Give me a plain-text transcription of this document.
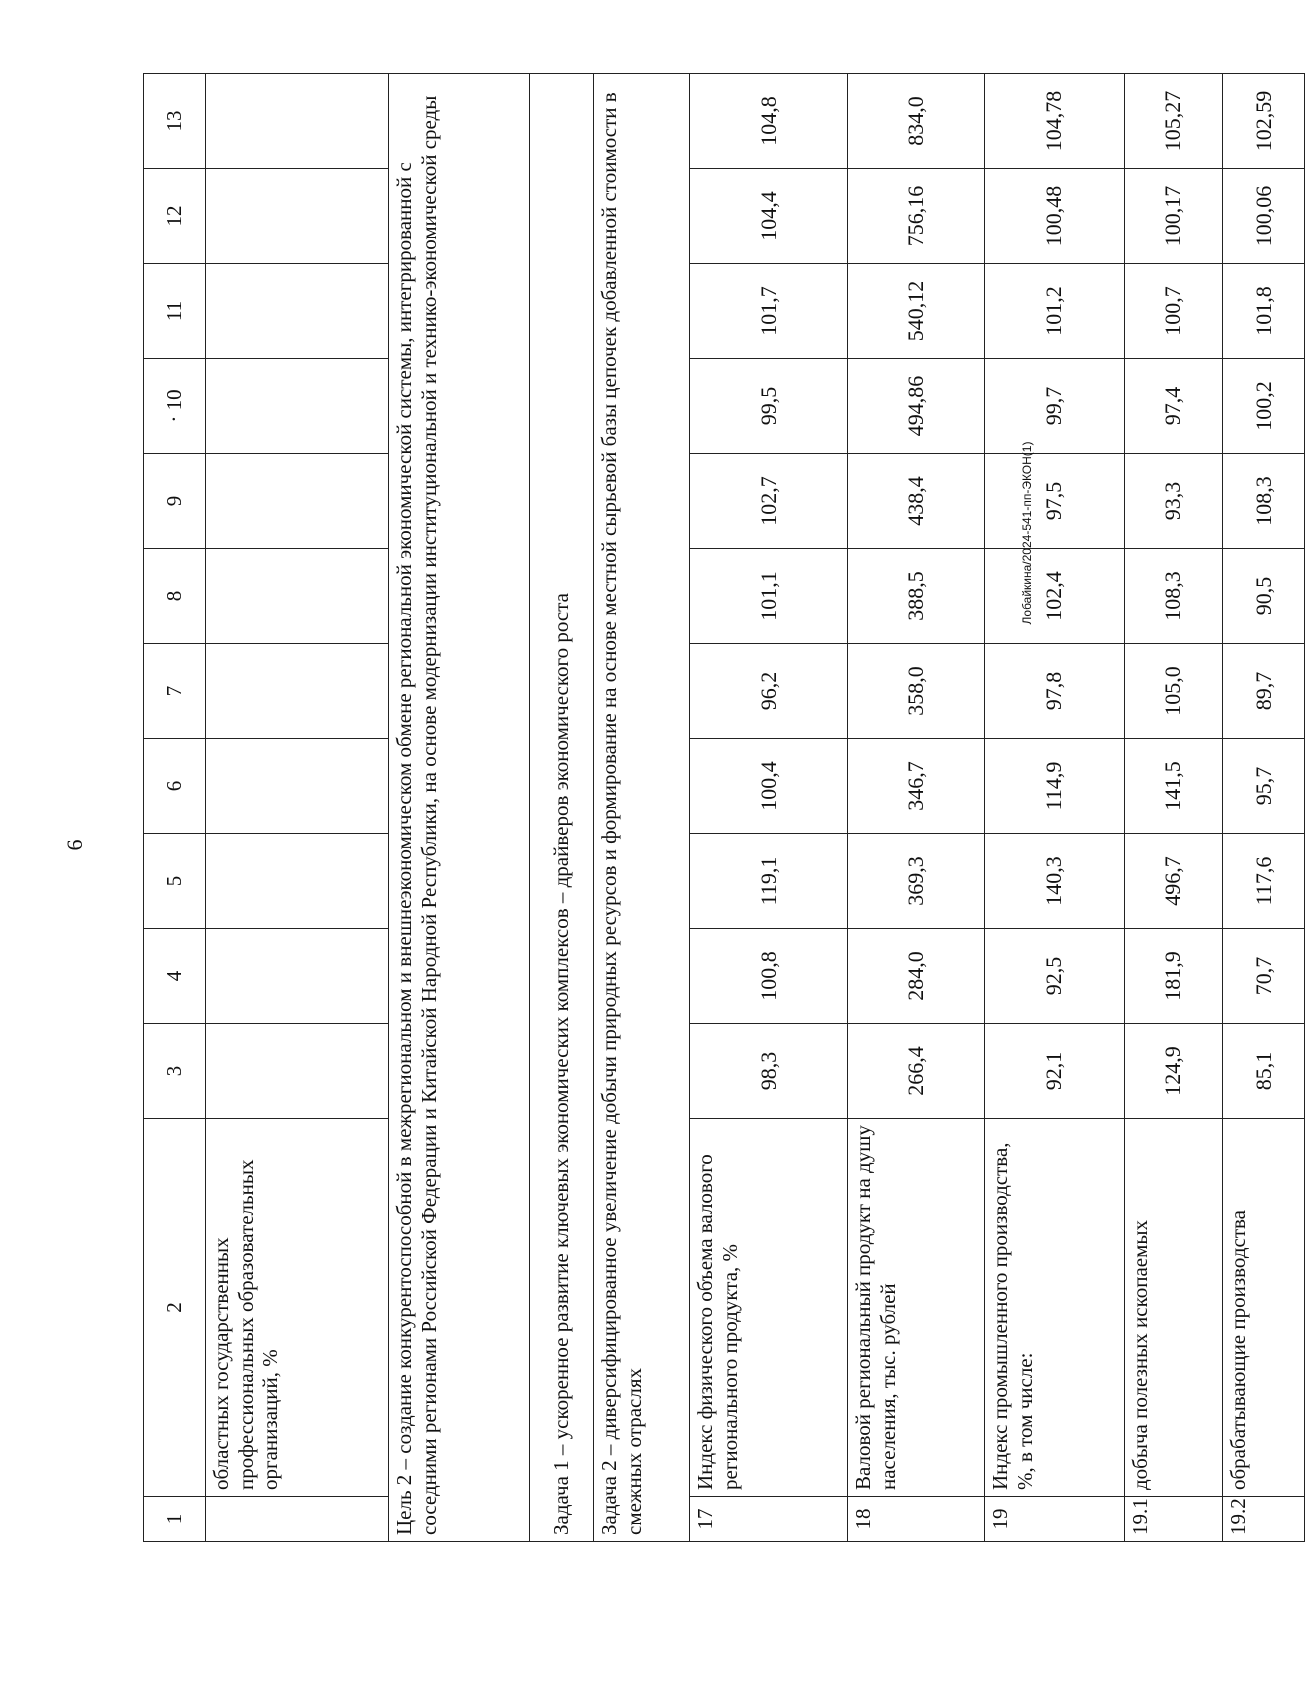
6
1	2	3	4	5	6	7	8	9	· 10	11	12	13
	областных государственных профессиональных образовательных организаций, %											
Цель 2 – создание конкурентоспособной в межрегиональном и внешнеэкономическом обмене региональной экономической системы, интегрированной с соседними регионами Российской Федерации и Китайской Народной Республики, на основе модернизации институциональной и технико-экономической среды												
Задача 1 – ускоренное развитие ключевых экономических комплексов – драйверов экономического роста												
Задача 2 – диверсифицированное увеличение добычи природных ресурсов и формирование на основе местной сырьевой базы цепочек добавленной стоимости в смежных отраслях												
17	Индекс физического объема валового регионального продукта, %	98,3	100,8	119,1	100,4	96,2	101,1	102,7	99,5	101,7	104,4	104,8
18	Валовой региональный продукт на душу населения, тыс. рублей	266,4	284,0	369,3	346,7	358,0	388,5	438,4	494,86	540,12	756,16	834,0
19	Индекс промышленного производства, %, в том числе:	92,1	92,5	140,3	114,9	97,8	102,4	97,5	99,7	101,2	100,48	104,78
19.1	добыча полезных ископаемых	124,9	181,9	496,7	141,5	105,0	108,3	93,3	97,4	100,7	100,17	105,27
19.2	обрабатывающие производства	85,1	70,7	117,6	95,7	89,7	90,5	108,3	100,2	101,8	100,06	102,59
Лобайкина/2024-541-пп-ЭКОН(1)
